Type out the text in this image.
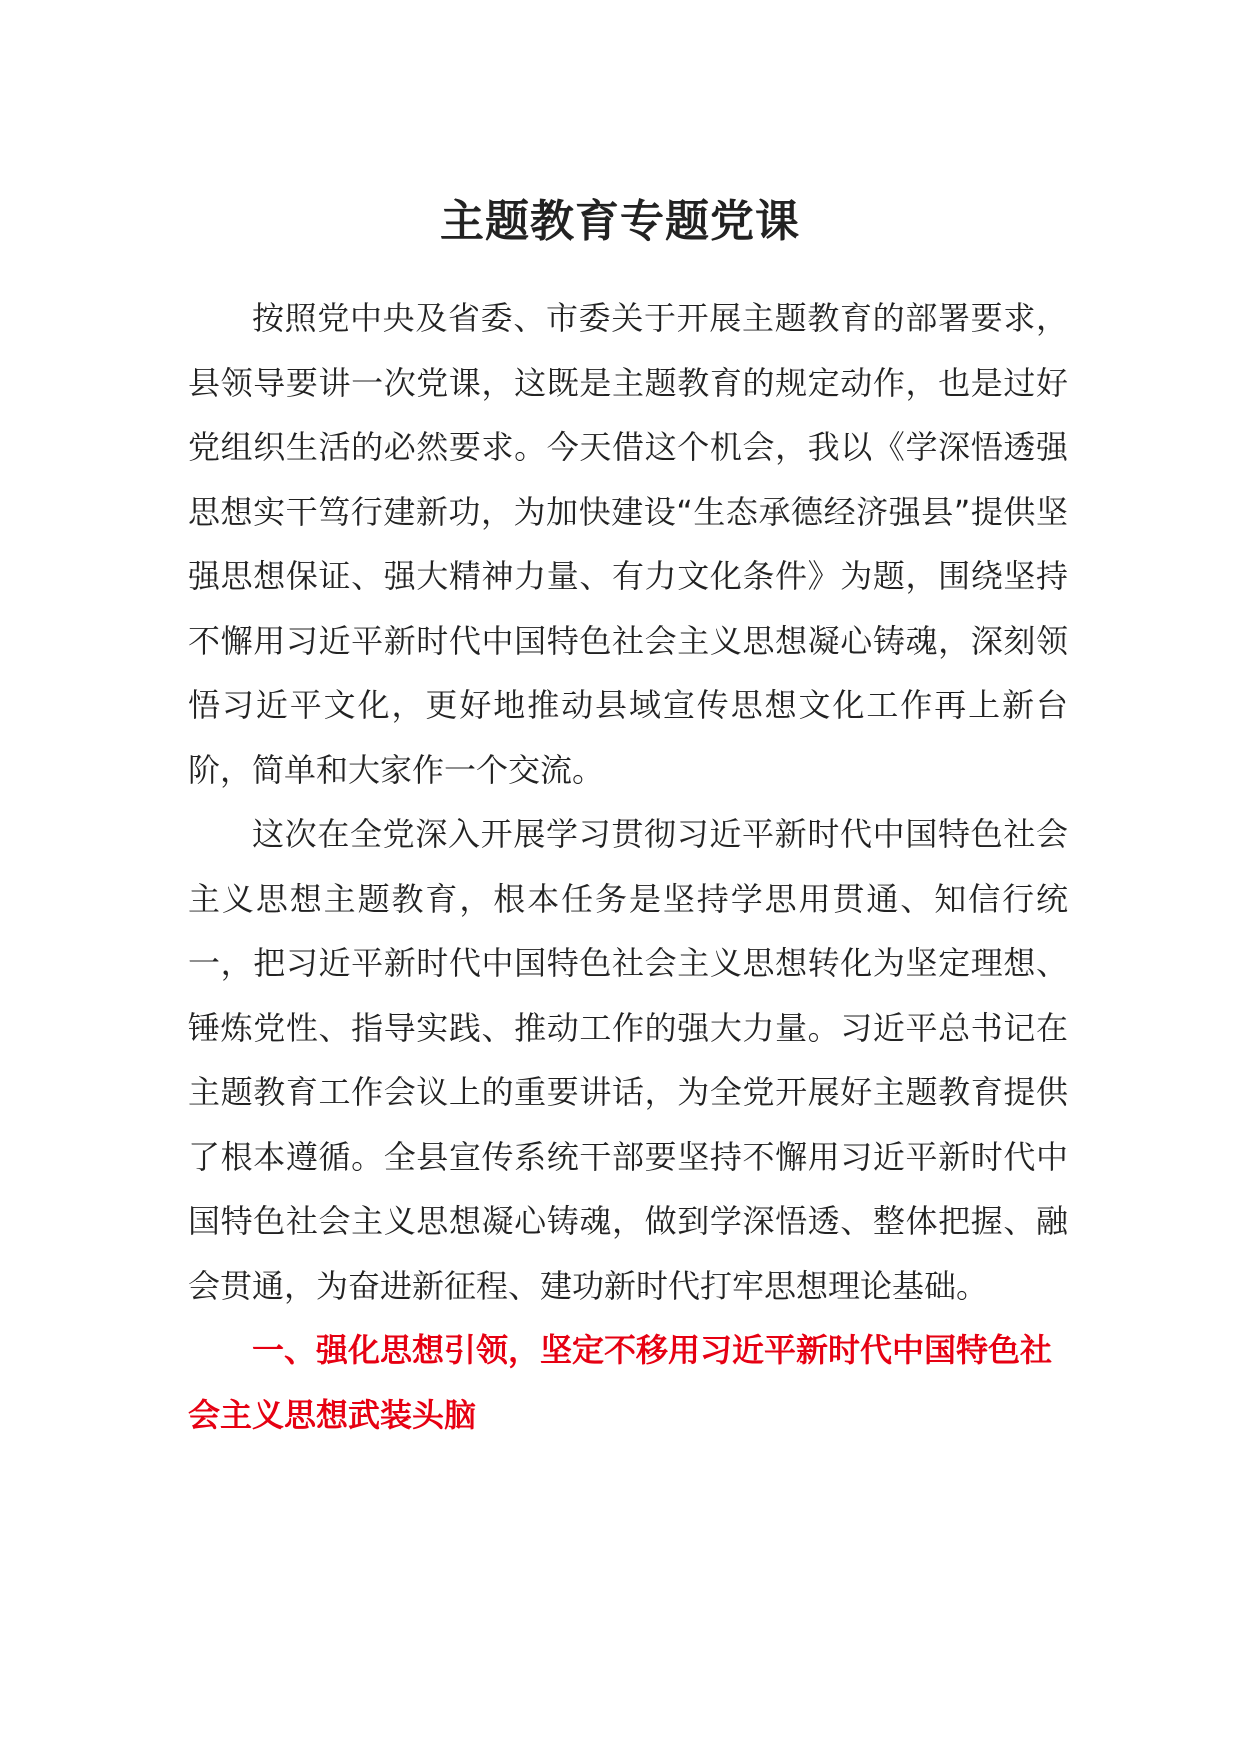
主题教育专题党课

按照党中央及省委、市委关于开展主题教育的部署要求，县领导要讲一次党课，这既是主题教育的规定动作，也是过好党组织生活的必然要求。今天借这个机会，我以《学深悟透强思想实干笃行建新功，为加快建设“生态承德经济强县”提供坚强思想保证、强大精神力量、有力文化条件》为题，围绕坚持不懈用习近平新时代中国特色社会主义思想凝心铸魂，深刻领悟习近平文化，更好地推动县域宣传思想文化工作再上新台阶，简单和大家作一个交流。

这次在全党深入开展学习贯彻习近平新时代中国特色社会主义思想主题教育，根本任务是坚持学思用贯通、知信行统一，把习近平新时代中国特色社会主义思想转化为坚定理想、锤炼党性、指导实践、推动工作的强大力量。习近平总书记在主题教育工作会议上的重要讲话，为全党开展好主题教育提供了根本遵循。全县宣传系统干部要坚持不懈用习近平新时代中国特色社会主义思想凝心铸魂，做到学深悟透、整体把握、融会贯通，为奋进新征程、建功新时代打牢思想理论基础。

一、强化思想引领，坚定不移用习近平新时代中国特色社会主义思想武装头脑
